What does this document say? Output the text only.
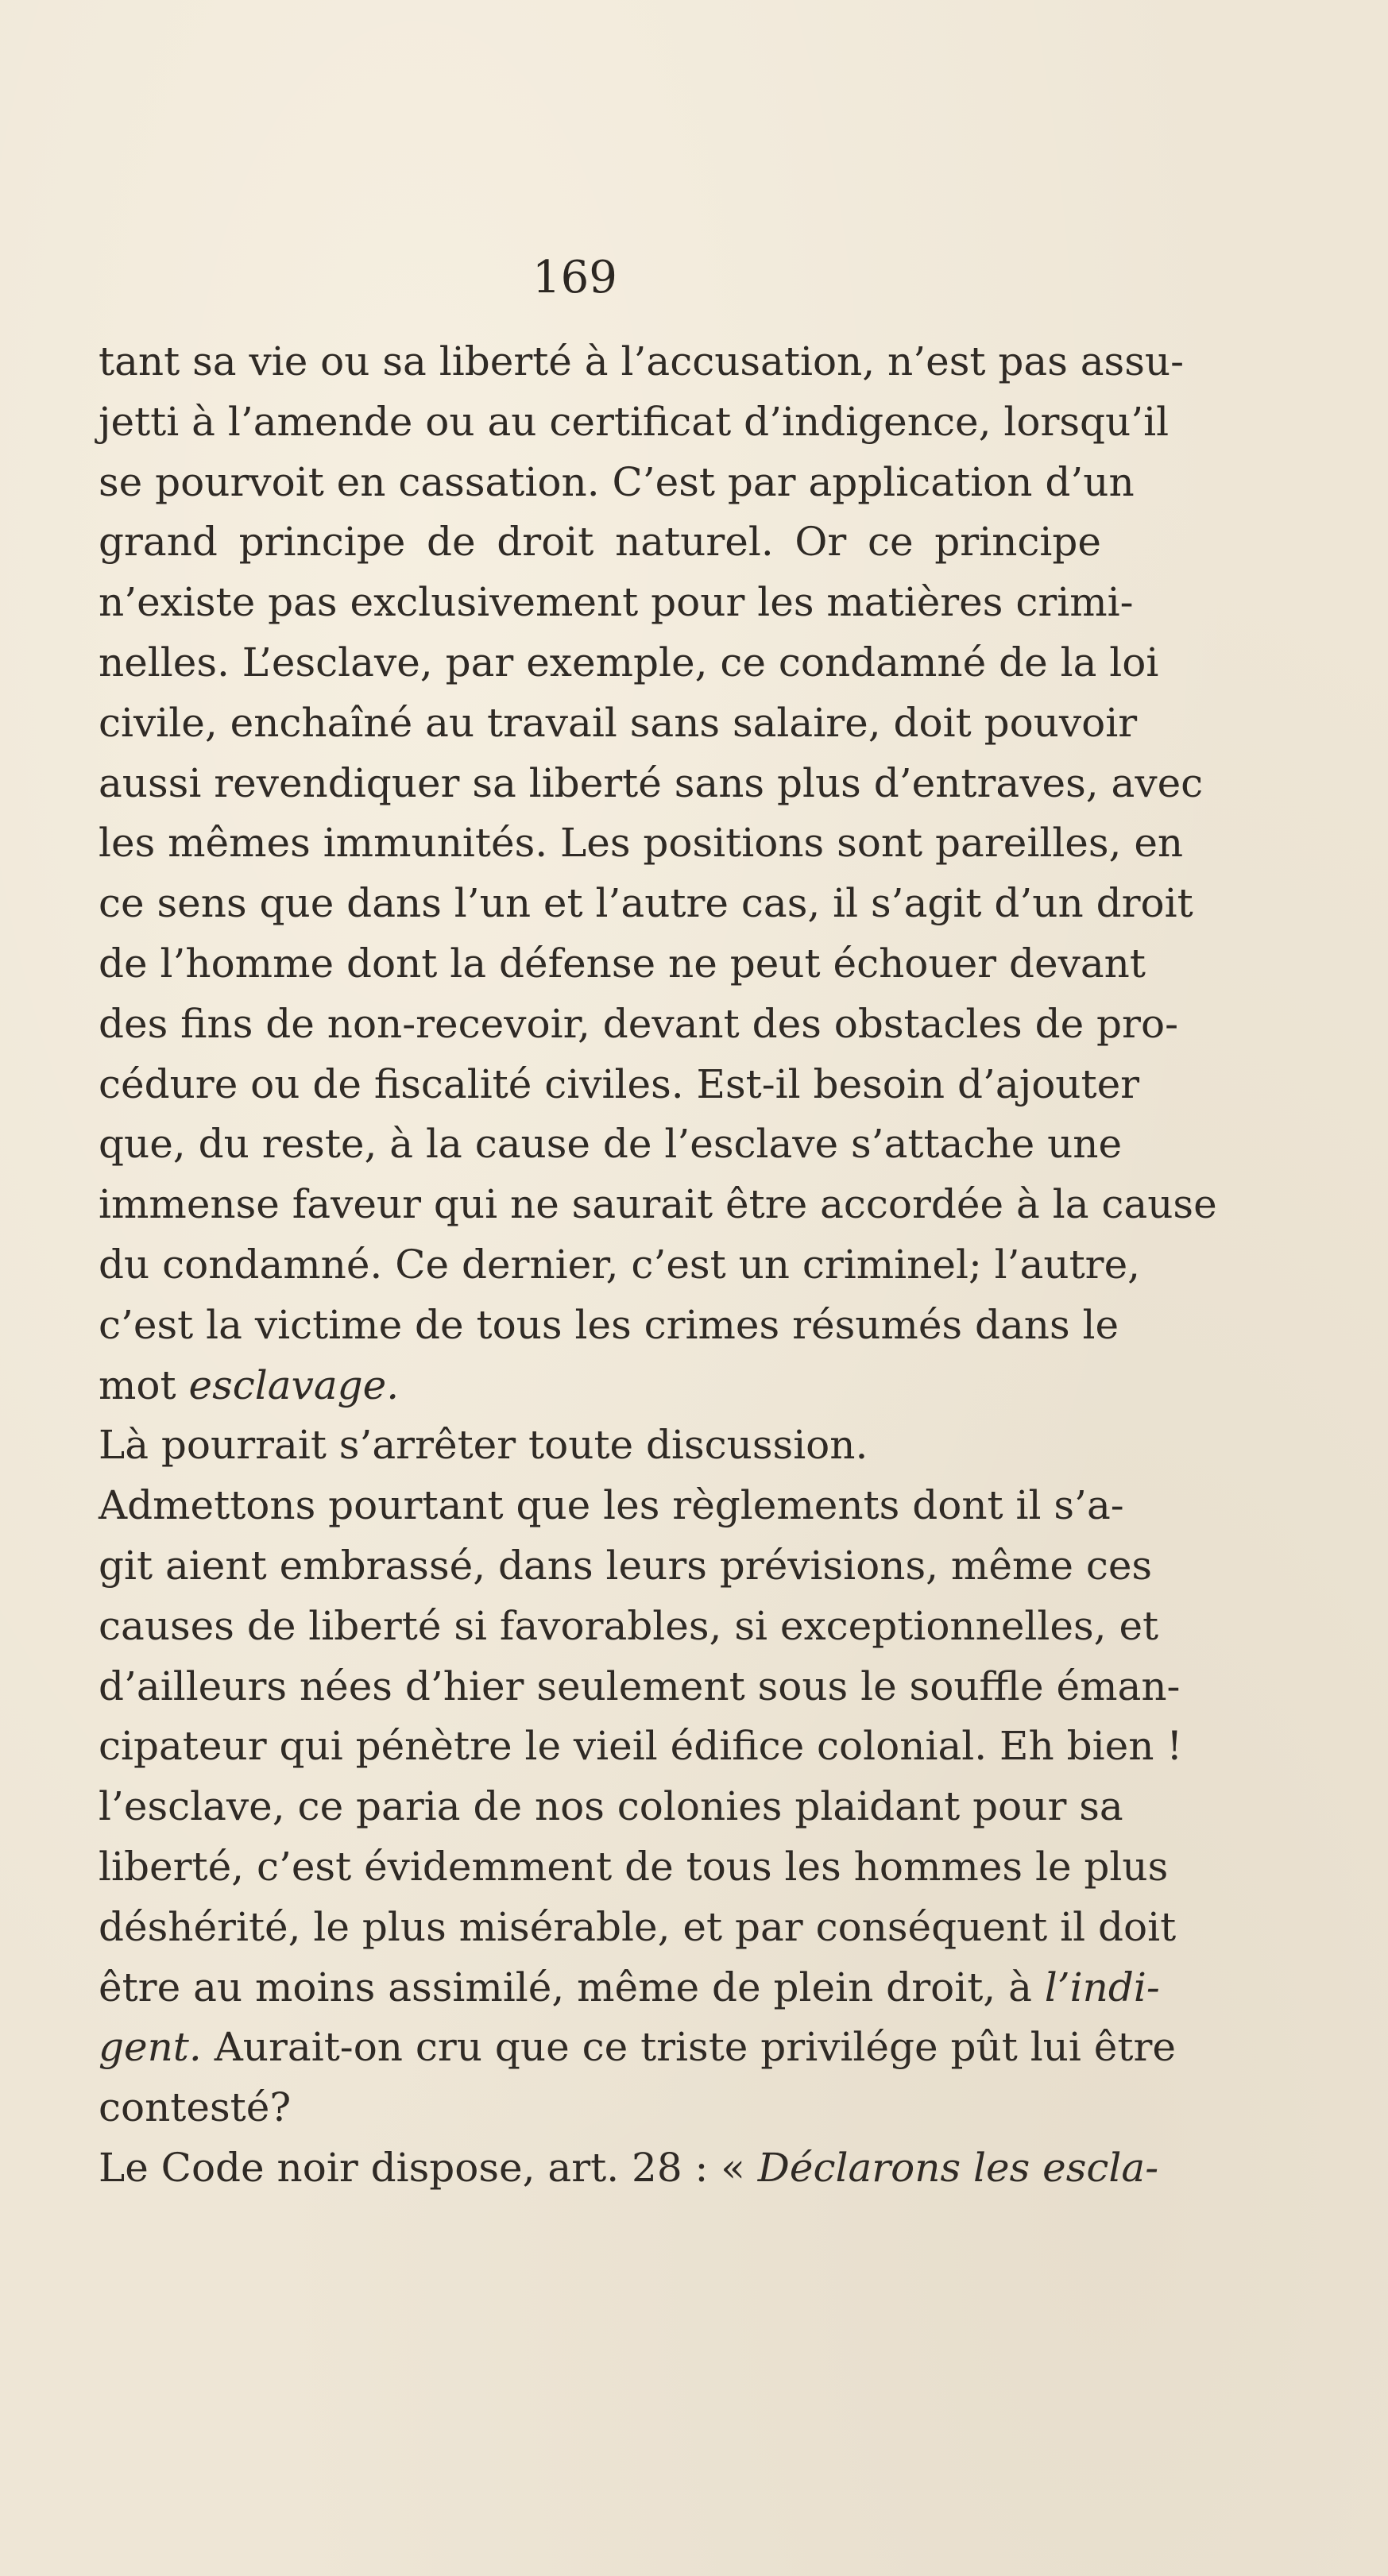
169
tant sa vie ou sa liberté à l’accusation, n’est pas assu-
jetti à l’amende ou au certificat d’indigence, lorsqu’il
se pourvoit en cassation. C’est par application d’un
grand principe de droit naturel. Or ce principe
n’existe pas exclusivement pour les matières crimi-
nelles. L’esclave, par exemple, ce condamné de la loi
civile, enchaîné au travail sans salaire, doit pouvoir
aussi revendiquer sa liberté sans plus d’entraves, avec
les mêmes immunités. Les positions sont pareilles, en
ce sens que dans l’un et l’autre cas, il s’agit d’un droit
de l’homme dont la défense ne peut échouer devant
des fins de non-recevoir, devant des obstacles de pro-
cédure ou de fiscalité civiles. Est-il besoin d’ajouter
que, du reste, à la cause de l’esclave s’attache une
immense faveur qui ne saurait être accordée à la cause
du condamné. Ce dernier, c’est un criminel; l’autre,
c’est la victime de tous les crimes résumés dans le
mot esclavage.
Là pourrait s’arrêter toute discussion.
Admettons pourtant que les règlements dont il s’a-
git aient embrassé, dans leurs prévisions, même ces
causes de liberté si favorables, si exceptionnelles, et
d’ailleurs nées d’hier seulement sous le souffle éman-
cipateur qui pénètre le vieil édifice colonial. Eh bien !
l’esclave, ce paria de nos colonies plaidant pour sa
liberté, c’est évidemment de tous les hommes le plus
déshérité, le plus misérable, et par conséquent il doit
être au moins assimilé, même de plein droit, à l’indi-
gent. Aurait-on cru que ce triste privilége pût lui être
contesté?
Le Code noir dispose, art. 28 : « Déclarons les escla-
